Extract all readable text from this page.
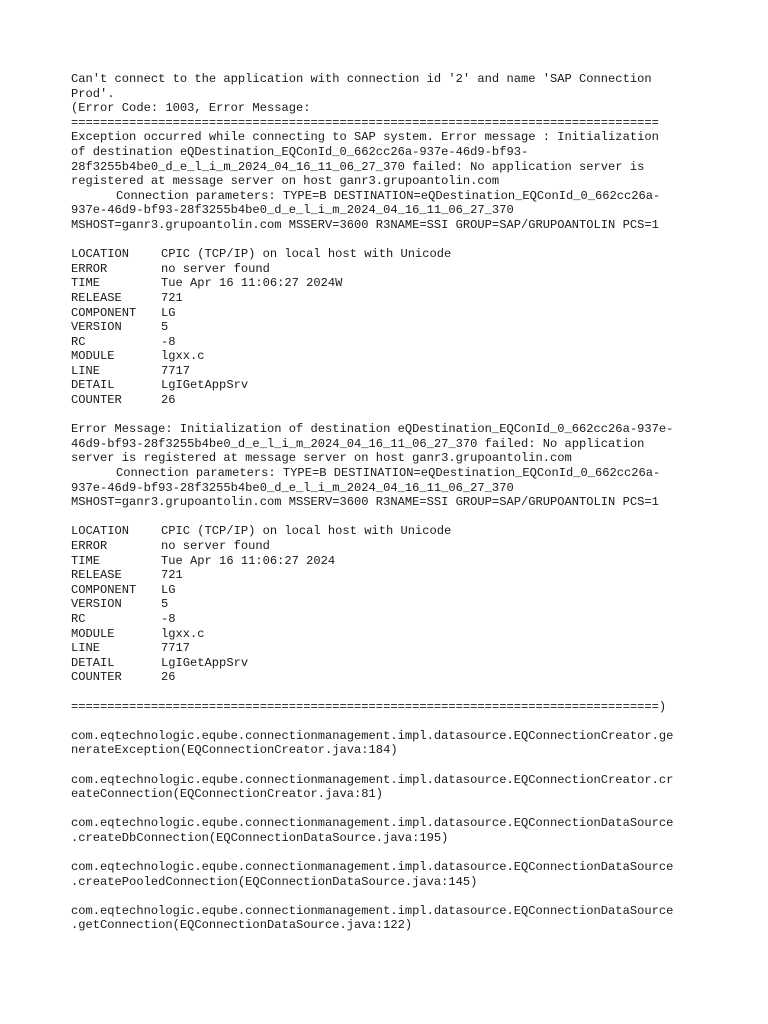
Can't connect to the application with connection id '2' and name 'SAP Connection
Prod'.
(Error Code: 1003, Error Message:
=================================================================================
Exception occurred while connecting to SAP system. Error message : Initialization
of destination eQDestination_EQConId_0_662cc26a-937e-46d9-bf93-
28f3255b4be0_d_e_l_i_m_2024_04_16_11_06_27_370 failed: No application server is
registered at message server on host ganr3.grupoantolin.com
Connection parameters: TYPE=B DESTINATION=eQDestination_EQConId_0_662cc26a-
937e-46d9-bf93-28f3255b4be0_d_e_l_i_m_2024_04_16_11_06_27_370
MSHOST=ganr3.grupoantolin.com MSSERV=3600 R3NAME=SSI GROUP=SAP/GRUPOANTOLIN PCS=1
LOCATION	CPIC (TCP/IP) on local host with Unicode
ERROR	no server found
TIME	Tue Apr 16 11:06:27 2024W
RELEASE	721
COMPONENT	LG
VERSION	5
RC	-8
MODULE	lgxx.c
LINE	7717
DETAIL	LgIGetAppSrv
COUNTER	26
Error Message: Initialization of destination eQDestination_EQConId_0_662cc26a-937e-
46d9-bf93-28f3255b4be0_d_e_l_i_m_2024_04_16_11_06_27_370 failed: No application
server is registered at message server on host ganr3.grupoantolin.com
Connection parameters: TYPE=B DESTINATION=eQDestination_EQConId_0_662cc26a-
937e-46d9-bf93-28f3255b4be0_d_e_l_i_m_2024_04_16_11_06_27_370
MSHOST=ganr3.grupoantolin.com MSSERV=3600 R3NAME=SSI GROUP=SAP/GRUPOANTOLIN PCS=1
LOCATION	CPIC (TCP/IP) on local host with Unicode
ERROR	no server found
TIME	Tue Apr 16 11:06:27 2024
RELEASE	721
COMPONENT	LG
VERSION	5
RC	-8
MODULE	lgxx.c
LINE	7717
DETAIL	LgIGetAppSrv
COUNTER	26
=================================================================================)
com.eqtechnologic.eqube.connectionmanagement.impl.datasource.EQConnectionCreator.ge
nerateException(EQConnectionCreator.java:184)
com.eqtechnologic.eqube.connectionmanagement.impl.datasource.EQConnectionCreator.cr
eateConnection(EQConnectionCreator.java:81)
com.eqtechnologic.eqube.connectionmanagement.impl.datasource.EQConnectionDataSource
.createDbConnection(EQConnectionDataSource.java:195)
com.eqtechnologic.eqube.connectionmanagement.impl.datasource.EQConnectionDataSource
.createPooledConnection(EQConnectionDataSource.java:145)
com.eqtechnologic.eqube.connectionmanagement.impl.datasource.EQConnectionDataSource
.getConnection(EQConnectionDataSource.java:122)
